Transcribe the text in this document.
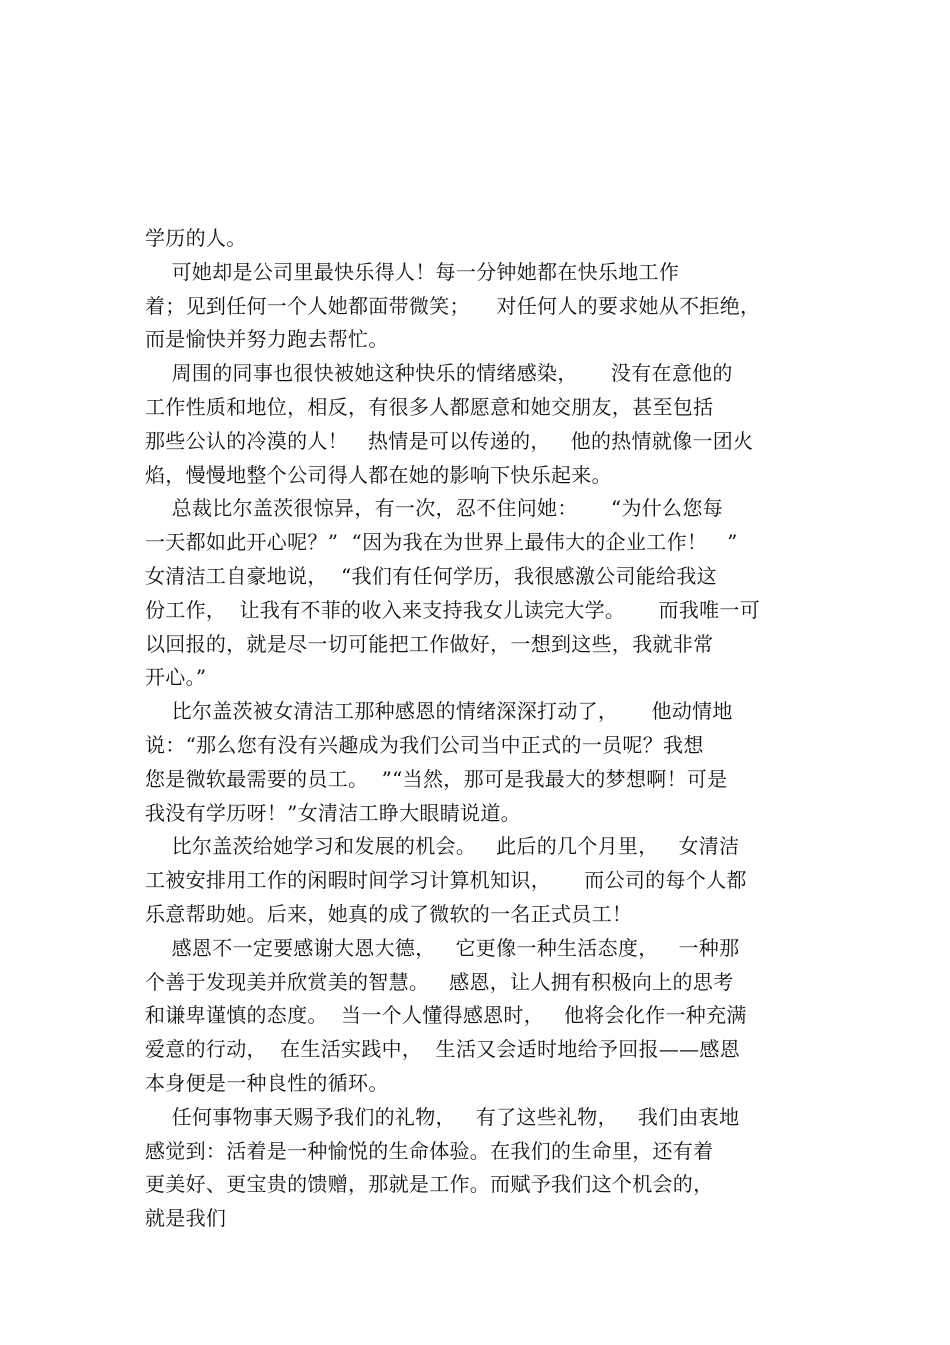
学历的人。
可她却是公司里最快乐得人！每一分钟她都在快乐地工作
着；见到任何一个人她都面带微笑；    对任何人的要求她从不拒绝，
而是愉快并努力跑去帮忙。
周围的同事也很快被她这种快乐的情绪感染，     没有在意他的
工作性质和地位，相反，有很多人都愿意和她交朋友，甚至包括
那些公认的冷漠的人！   热情是可以传递的，   他的热情就像一团火
焰，慢慢地整个公司得人都在她的影响下快乐起来。
总裁比尔盖茨很惊异，有一次，忍不住问她：     “为什么您每
一天都如此开心呢？”  “因为我在为世界上最伟大的企业工作！   ”
女清洁工自豪地说，  “我们有任何学历，我很感激公司能给我这
份工作，  让我有不菲的收入来支持我女儿读完大学。     而我唯一可
以回报的，就是尽一切可能把工作做好，一想到这些，我就非常
开心。”
比尔盖茨被女清洁工那种感恩的情绪深深打动了，     他动情地
说：“那么您有没有兴趣成为我们公司当中正式的一员呢？我想
您是微软最需要的员工。  ”“当然，那可是我最大的梦想啊！可是
我没有学历呀！”女清洁工睁大眼睛说道。
比尔盖茨给她学习和发展的机会。   此后的几个月里，   女清洁
工被安排用工作的闲暇时间学习计算机知识，     而公司的每个人都
乐意帮助她。后来，她真的成了微软的一名正式员工！
感恩不一定要感谢大恩大德，   它更像一种生活态度，   一种那
个善于发现美并欣赏美的智慧。   感恩，让人拥有积极向上的思考
和谦卑谨慎的态度。  当一个人懂得感恩时，   他将会化作一种充满
爱意的行动，  在生活实践中，  生活又会适时地给予回报——感恩
本身便是一种良性的循环。
任何事物事天赐予我们的礼物，   有了这些礼物，   我们由衷地
感觉到：活着是一种愉悦的生命体验。在我们的生命里，还有着
更美好、更宝贵的馈赠，那就是工作。而赋予我们这个机会的，
就是我们
